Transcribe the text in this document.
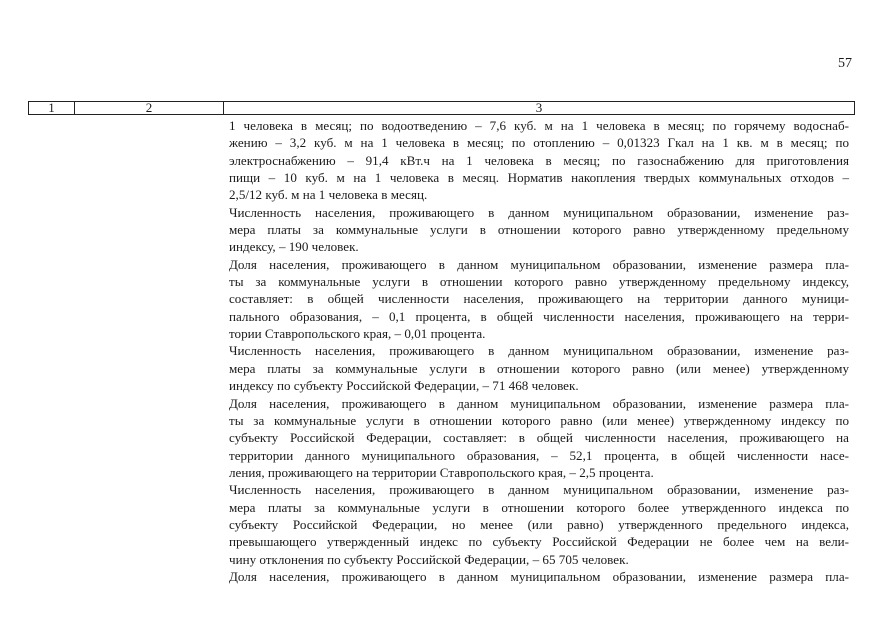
57
1	2	3
1 человека в месяц; по водоотведению – 7,6 куб. м на 1 человека в месяц; по горячему водоснаб-
жению – 3,2 куб. м на 1 человека в месяц; по отоплению – 0,01323 Гкал на 1 кв. м в месяц; по
электроснабжению – 91,4 кВт.ч на 1 человека в месяц; по газоснабжению для приготовления
пищи – 10 куб. м на 1 человека в месяц. Норматив накопления твердых коммунальных отходов –
2,5/12 куб. м на 1 человека в месяц.
Численность населения, проживающего в данном муниципальном образовании, изменение раз-
мера платы за коммунальные услуги в отношении которого равно утвержденному предельному
индексу, – 190 человек.
Доля населения, проживающего в данном муниципальном образовании, изменение размера пла-
ты за коммунальные услуги в отношении которого равно утвержденному предельному индексу,
составляет: в общей численности населения, проживающего на территории данного муници-
пального образования, – 0,1 процента, в общей численности населения, проживающего на терри-
тории Ставропольского края, – 0,01 процента.
Численность населения, проживающего в данном муниципальном образовании, изменение раз-
мера платы за коммунальные услуги в отношении которого равно (или менее) утвержденному
индексу по субъекту Российской Федерации, – 71 468 человек.
Доля населения, проживающего в данном муниципальном образовании, изменение размера пла-
ты за коммунальные услуги в отношении которого равно (или менее) утвержденному индексу по
субъекту Российской Федерации, составляет: в общей численности населения, проживающего на
территории данного муниципального образования, – 52,1 процента, в общей численности насе-
ления, проживающего на территории Ставропольского края, – 2,5 процента.
Численность населения, проживающего в данном муниципальном образовании, изменение раз-
мера платы за коммунальные услуги в отношении которого более утвержденного индекса по
субъекту Российской Федерации, но менее (или равно) утвержденного предельного индекса,
превышающего утвержденный индекс по субъекту Российской Федерации не более чем на вели-
чину отклонения по субъекту Российской Федерации, – 65 705 человек.
Доля населения, проживающего в данном муниципальном образовании, изменение размера пла-
